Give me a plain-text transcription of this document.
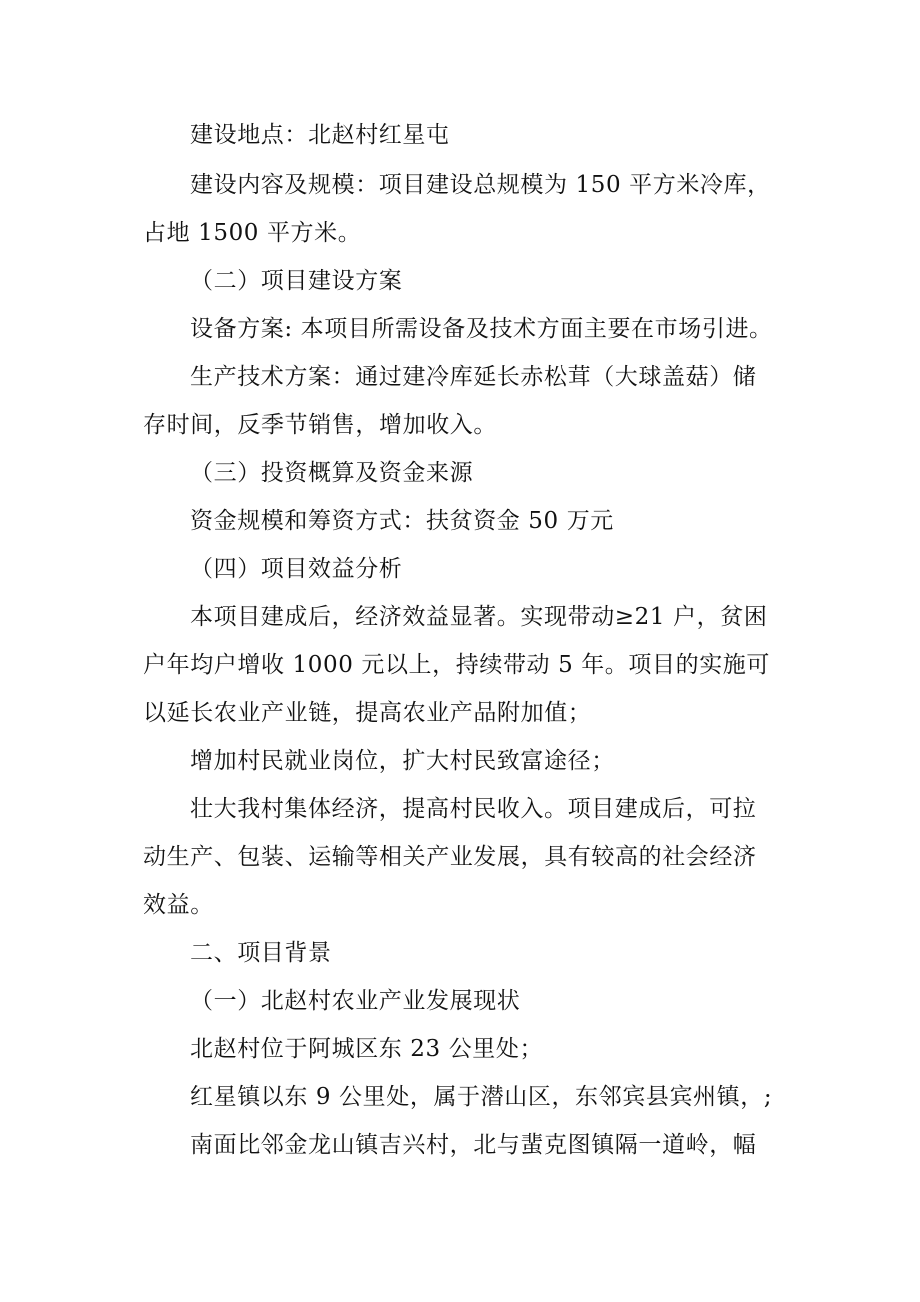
建设地点：北赵村红星屯
建设内容及规模：项目建设总规模为 150 平方米冷库，
占地 1500 平方米。
（二）项目建设方案
设备方案: 本项目所需设备及技术方面主要在市场引进。
生产技术方案：通过建冷库延长赤松茸（大球盖菇）储
存时间，反季节销售，增加收入。
（三）投资概算及资金来源
资金规模和筹资方式：扶贫资金 50 万元
（四）项目效益分析
本项目建成后，经济效益显著。实现带动≥21 户，贫困
户年均户增收 1000 元以上，持续带动 5 年。项目的实施可
以延长农业产业链，提高农业产品附加值；
增加村民就业岗位，扩大村民致富途径；
壮大我村集体经济，提高村民收入。项目建成后，可拉
动生产、包装、运输等相关产业发展，具有较高的社会经济
效益。
二、项目背景
（一）北赵村农业产业发展现状
北赵村位于阿城区东 23 公里处；
红星镇以东 9 公里处，属于潜山区，东邻宾县宾州镇，;
南面比邻金龙山镇吉兴村，北与蜚克图镇隔一道岭，幅
